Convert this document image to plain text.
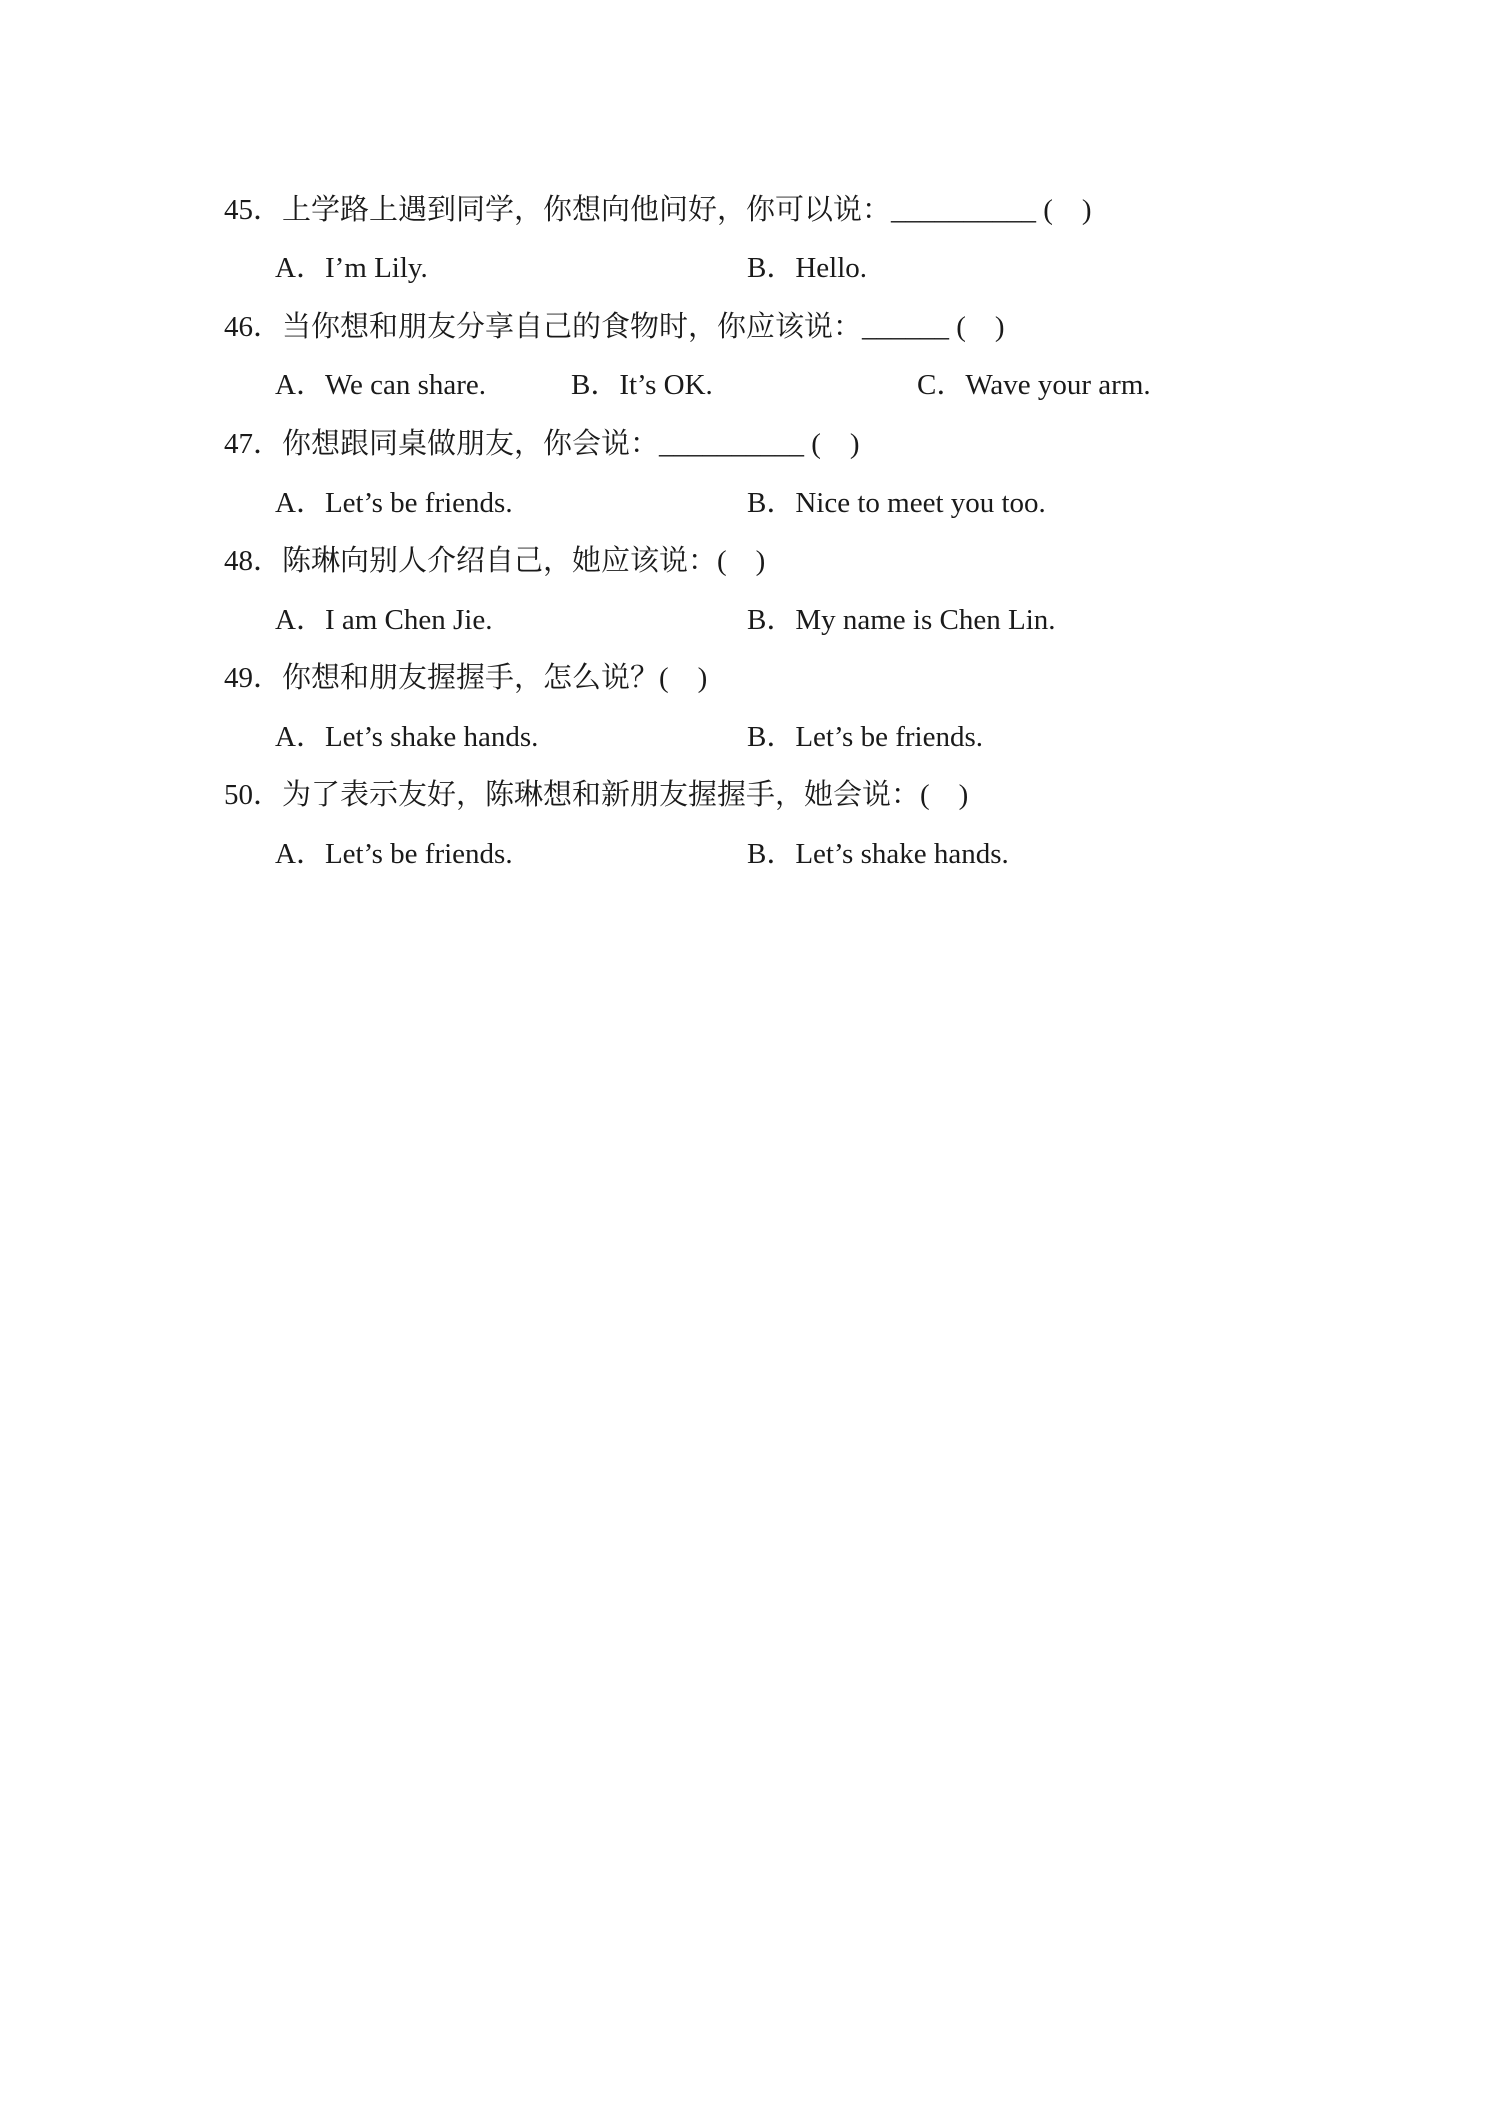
45．上学路上遇到同学，你想向他问好，你可以说：__________ (　)
A．I’m Lily.	B．Hello.
46．当你想和朋友分享自己的食物时，你应该说：______ (　)
A．We can share.	B．It’s OK.	C．Wave your arm.
47．你想跟同桌做朋友，你会说：__________ (　)
A．Let’s be friends.	B．Nice to meet you too.
48．陈琳向别人介绍自己，她应该说：(　)
A．I am Chen Jie.	B．My name is Chen Lin.
49．你想和朋友握握手，怎么说？(　)
A．Let’s shake hands.	B．Let’s be friends.
50．为了表示友好，陈琳想和新朋友握握手，她会说：(　)
A．Let’s be friends.	B．Let’s shake hands.
